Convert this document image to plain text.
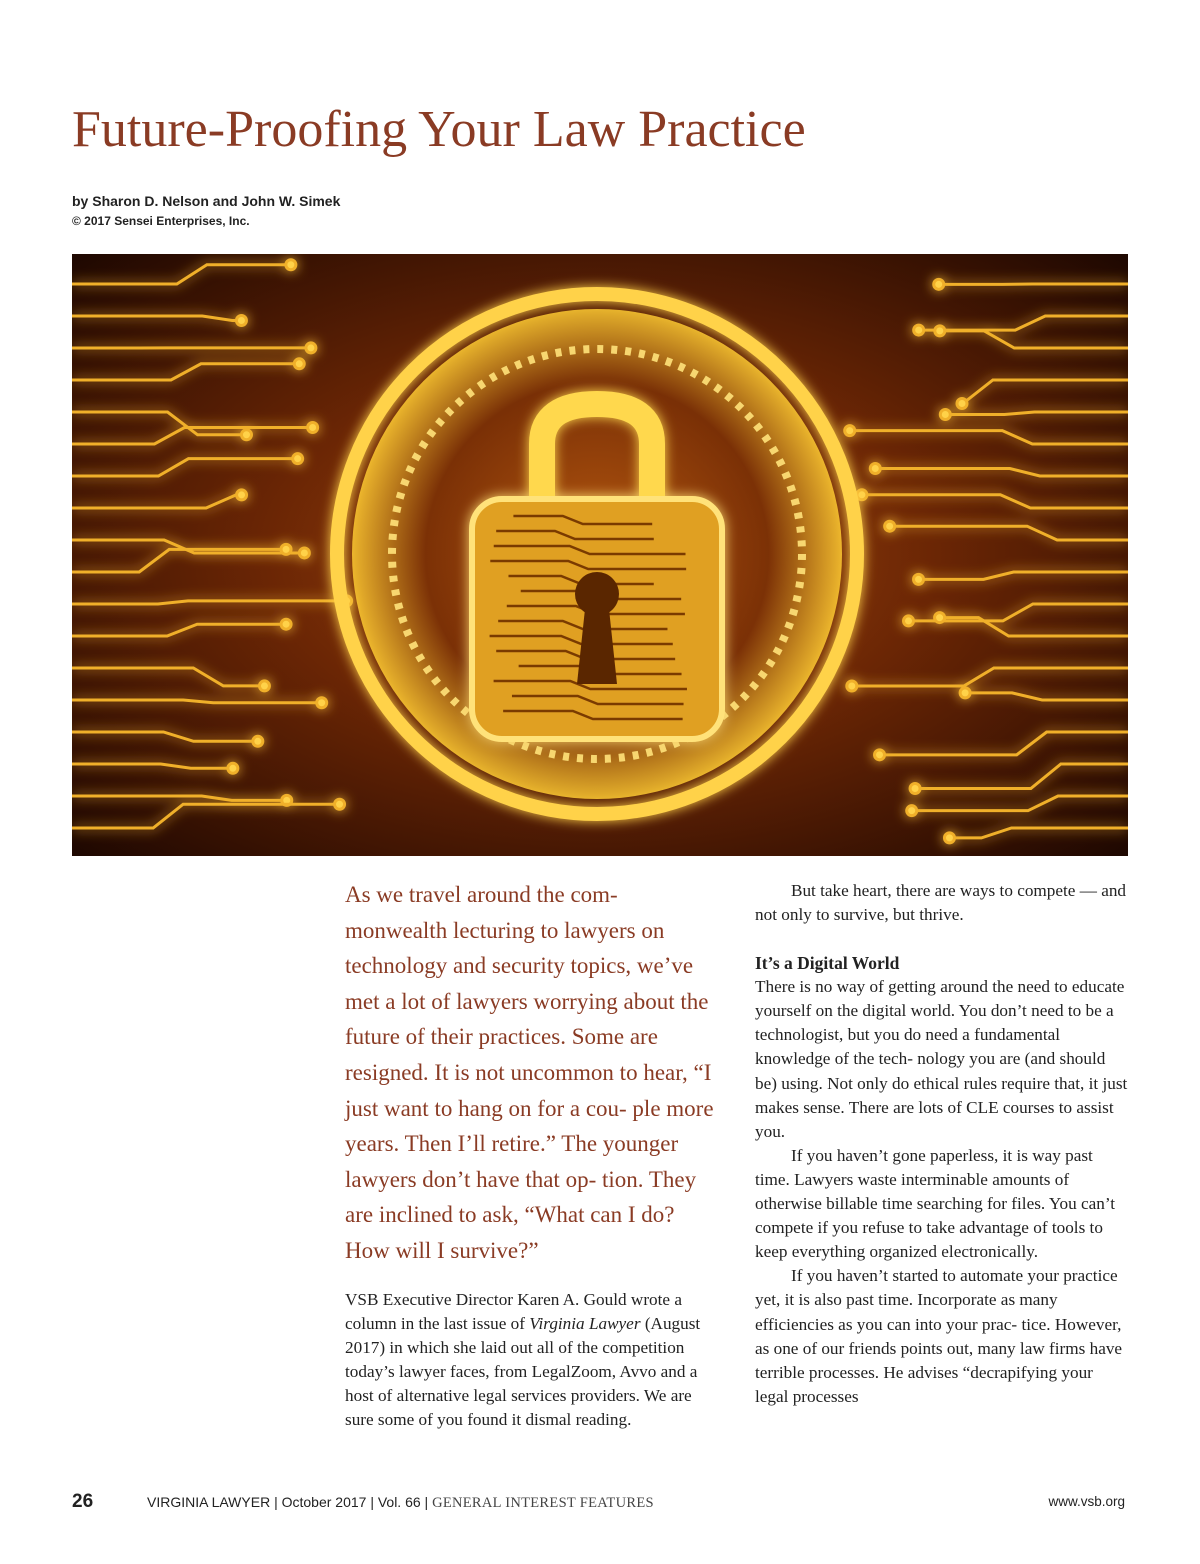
Future-Proofing Your Law Practice
by Sharon D. Nelson and John W. Simek
© 2017 Sensei Enterprises, Inc.

As we travel around the com- monwealth lecturing to lawyers on technology and security topics, we’ve met a lot of lawyers worrying about the future of their practices. Some are resigned. It is not uncommon to hear, “I just want to hang on for a cou- ple more years. Then I’ll retire.” The younger lawyers don’t have that op- tion. They are inclined to ask, “What can I do? How will I survive?”

VSB Executive Director Karen A. Gould wrote a column in the last issue of Virginia Lawyer (August 2017) in which she laid out all of the competition today’s lawyer faces, from LegalZoom, Avvo and a host of alternative legal services providers. We are sure some of you found it dismal reading.

But take heart, there are ways to compete — and not only to survive, but thrive.

It’s a Digital World

There is no way of getting around the need to educate yourself on the digital world. You don’t need to be a technologist, but you do need a fundamental knowledge of the tech- nology you are (and should be) using. Not only do ethical rules require that, it just makes sense. There are lots of CLE courses to assist you.

If you haven’t gone paperless, it is way past time. Lawyers waste interminable amounts of otherwise billable time searching for files. You can’t compete if you refuse to take advantage of tools to keep everything organized electronically.

If you haven’t started to automate your practice yet, it is also past time. Incorporate as many efficiencies as you can into your prac- tice. However, as one of our friends points out, many law firms have terrible processes. He advises “decrapifying your legal processes

26	VIRGINIA LAWYER | October 2017 | Vol. 66 | GENERAL INTEREST FEATURES	www.vsb.org
